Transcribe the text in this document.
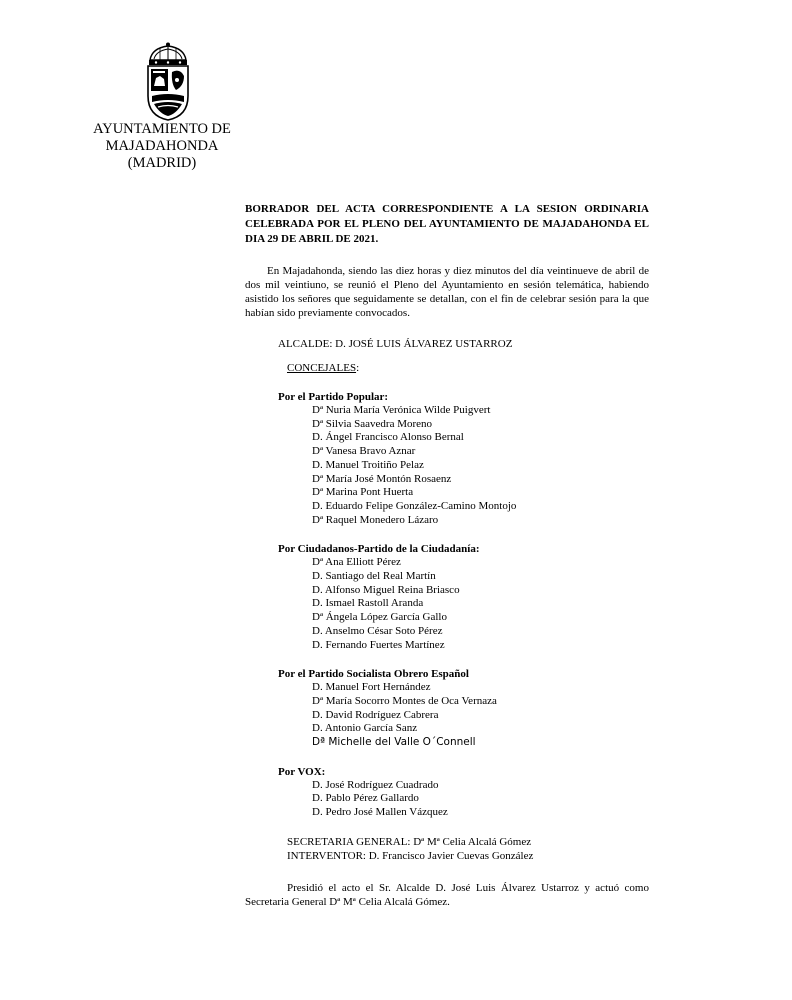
AYUNTAMIENTO DE
MAJADAHONDA
(MADRID)

BORRADOR DEL ACTA CORRESPONDIENTE A LA SESION ORDINARIA CELEBRADA POR EL PLENO DEL AYUNTAMIENTO DE MAJADAHONDA EL DIA 29 DE ABRIL DE 2021.

En Majadahonda, siendo las diez horas y diez minutos del día veintinueve de abril de dos mil veintiuno, se reunió el Pleno del Ayuntamiento en sesión telemática, habiendo asistido los señores que seguidamente se detallan, con el fin de celebrar sesión para la que habían sido previamente convocados.

ALCALDE: D. JOSÉ LUIS ÁLVAREZ USTARROZ
CONCEJALES:
Por el Partido Popular:
Dª Nuria María Verónica Wilde Puigvert
Dª Silvia Saavedra Moreno
D. Ángel Francisco Alonso Bernal
Dª Vanesa Bravo Aznar
D. Manuel Troitiño Pelaz
Dª María José Montón Rosaenz
Dª Marina Pont Huerta
D. Eduardo Felipe González-Camino Montojo
Dª Raquel Monedero Lázaro
Por Ciudadanos-Partido de la Ciudadanía:
Dª Ana Elliott Pérez
D. Santiago del Real Martín
D. Alfonso Miguel Reina Briasco
D. Ismael Rastoll Aranda
Dª Ángela López García Gallo
D. Anselmo César Soto Pérez
D. Fernando Fuertes Martínez
Por el Partido Socialista Obrero Español
D. Manuel Fort Hernández
Dª María Socorro Montes de Oca Vernaza
D. David Rodríguez Cabrera
D. Antonio García Sanz
Dª Michelle del Valle O´Connell
Por VOX:
D. José Rodríguez Cuadrado
D. Pablo Pérez Gallardo
D. Pedro José Mallen Vázquez
SECRETARIA GENERAL: Dª Mª Celia Alcalá Gómez
INTERVENTOR: D. Francisco Javier Cuevas González

Presidió el acto el Sr. Alcalde D. José Luis Álvarez Ustarroz y actuó como Secretaria General Dª Mª Celia Alcalá Gómez.
